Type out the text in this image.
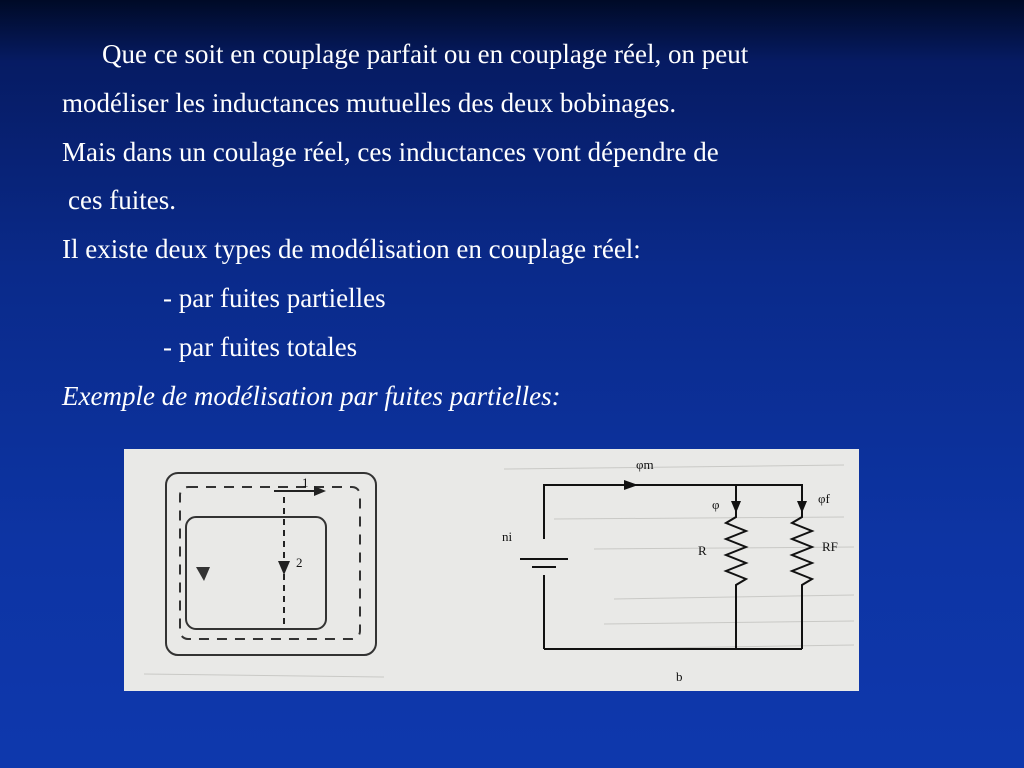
Que ce soit en couplage parfait ou en couplage réel, on peut
modéliser les inductances mutuelles des deux bobinages.
Mais dans un coulage réel, ces inductances vont dépendre de
ces fuites.
Il existe deux types de modélisation en couplage réel:
- par fuites partielles
- par fuites totales
Exemple de modélisation par fuites partielles:
1
2
ni
φm
φ	φf
R	RF
b
